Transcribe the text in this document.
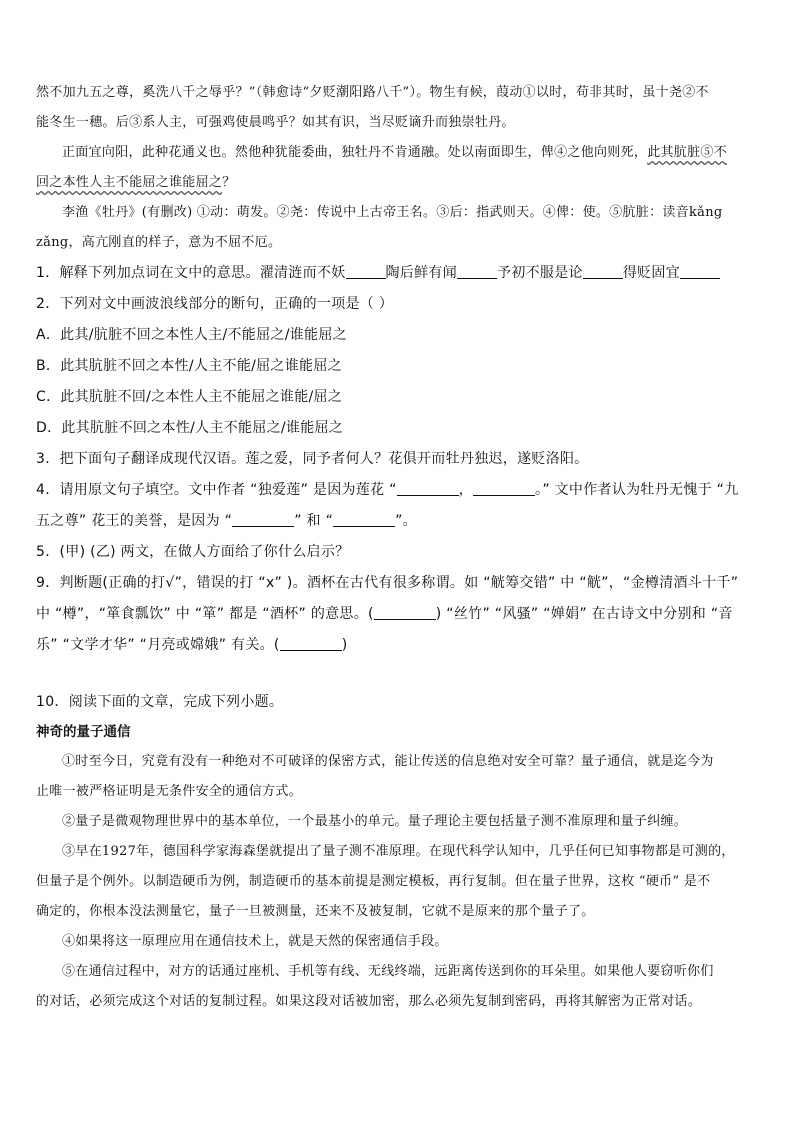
然不加九五之尊，奚洗八千之辱乎？”（韩愈诗“夕贬潮阳路八千”）。物生有候，葭动①以时，苟非其时，虽十尧②不

能冬生一穗。后③系人主，可强鸡使晨鸣乎？如其有识，当尽贬谪升而独崇牡丹。

正面宜向阳，此种花通义也。然他种犹能委曲，独牡丹不肯通融。处以南面即生，俾④之他向则死，此其肮脏⑤不

回之本性人主不能屈之谁能屈之？

李渔《牡丹》(有删改) ①动：萌发。②尧：传说中上古帝王名。③后：指武则天。④俾：使。⑤肮脏：读音kǎng

zǎng，高亢刚直的样子，意为不屈不厄。

1．解释下列加点词在文中的意思。濯清涟而不妖	陶后鲜有闻	予初不服是论	得贬固宜

2．下列对文中画波浪线部分的断句，正确的一项是（ ）

A．此其/肮脏不回之本性人主/不能屈之/谁能屈之

B．此其肮脏不回之本性/人主不能/屈之谁能屈之

C．此其肮脏不回/之本性人主不能屈之谁能/屈之

D．此其肮脏不回之本性/人主不能屈之/谁能屈之

3．把下面句子翻译成现代汉语。莲之爱，同予者何人？花俱开而牡丹独迟，遂贬洛阳。

4．请用原文句子填空。文中作者 “独爱莲” 是因为莲花 “	，	。” 文中作者认为牡丹无愧于 “九

五之尊” 花王的美誉，是因为 “	” 和 “	”。

5．(甲) (乙) 两文，在做人方面给了你什么启示？

9．判断题(正确的打√”，错误的打 “x” )。酒杯在古代有很多称谓。如 “觥筹交错” 中 “觥”，“金樽清酒斗十千”

中 “樽”，“箪食瓢饮” 中 “箪” 都是 “酒杯” 的意思。(	) “丝竹” “风骚” “婵娟” 在古诗文中分别和 “音

乐” “文学才华” “月亮或嫦娥” 有关。(	)

10．阅读下面的文章，完成下列小题。

神奇的量子通信

①时至今日，究竟有没有一种绝对不可破译的保密方式，能让传送的信息绝对安全可靠？量子通信，就是迄今为

止唯一被严格证明是无条件安全的通信方式。

②量子是微观物理世界中的基本单位，一个最基小的单元。量子理论主要包括量子测不准原理和量子纠缠。

③早在1927年，德国科学家海森堡就提出了量子测不准原理。在现代科学认知中，几乎任何已知事物都是可测的，

但量子是个例外。以制造硬币为例，制造硬币的基本前提是测定模板，再行复制。但在量子世界，这枚 “硬币” 是不

确定的，你根本没法测量它，量子一旦被测量，还来不及被复制，它就不是原来的那个量子了。

④如果将这一原理应用在通信技术上，就是天然的保密通信手段。

⑤在通信过程中，对方的话通过座机、手机等有线、无线终端，远距离传送到你的耳朵里。如果他人要窃听你们

的对话，必须完成这个对话的复制过程。如果这段对话被加密，那么必须先复制到密码，再将其解密为正常对话。
